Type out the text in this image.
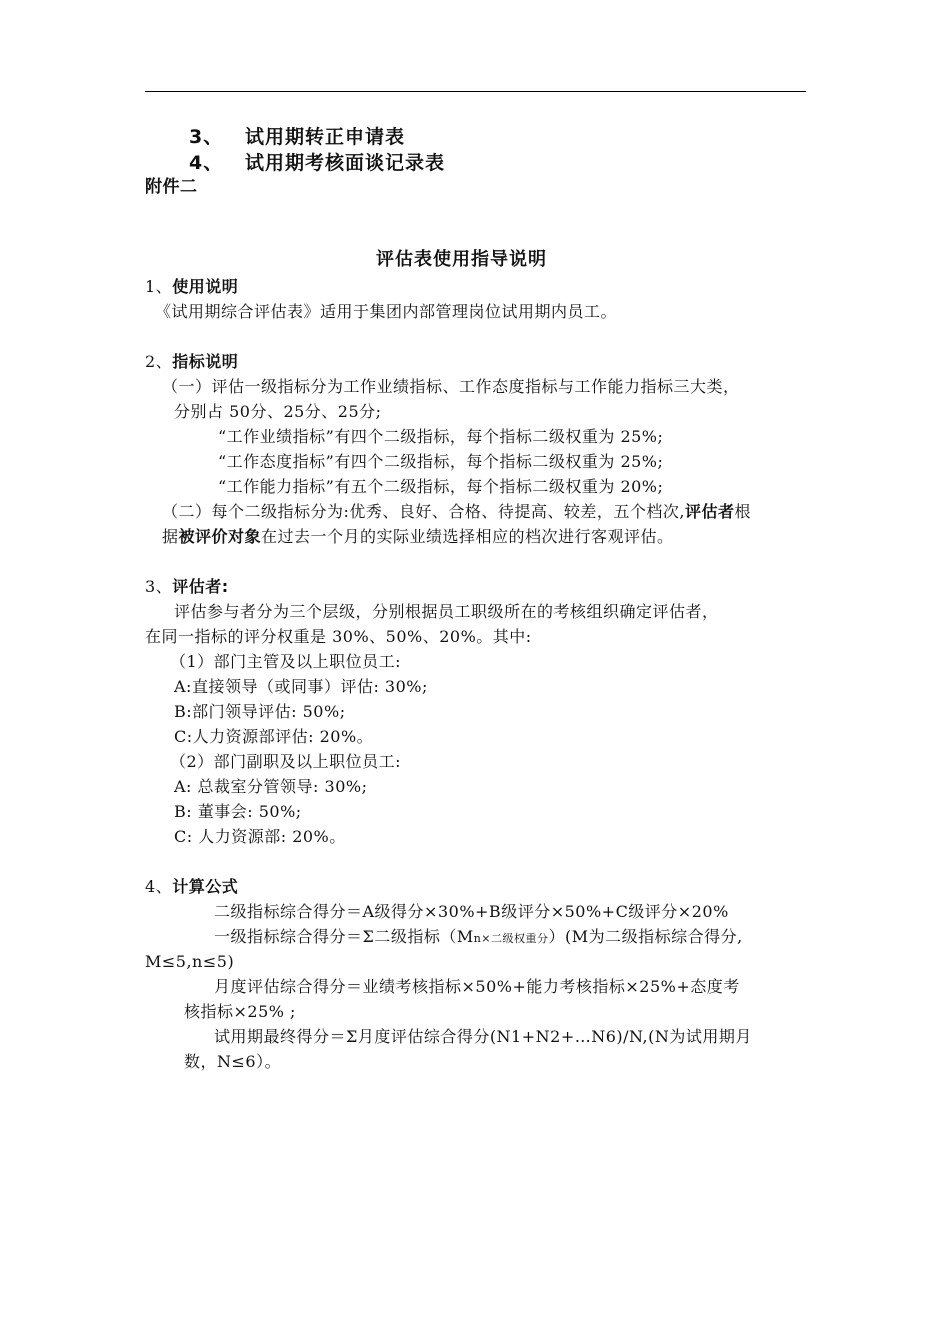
3、 试用期转正申请表
4、 试用期考核面谈记录表
附件二
评估表使用指导说明
1、使用说明
《试用期综合评估表》适用于集团内部管理岗位试用期内员工。
2、指标说明
（一）评估一级指标分为工作业绩指标、工作态度指标与工作能力指标三大类，
分别占 50分、25分、25分;
“工作业绩指标”有四个二级指标，每个指标二级权重为 25%;
“工作态度指标”有四个二级指标，每个指标二级权重为 25%;
“工作能力指标”有五个二级指标，每个指标二级权重为 20%;
（二）每个二级指标分为:优秀、良好、合格、待提高、较差，五个档次,评估者根
据被评价对象在过去一个月的实际业绩选择相应的档次进行客观评估。
3、评估者:
评估参与者分为三个层级，分别根据员工职级所在的考核组织确定评估者，
在同一指标的评分权重是 30%、50%、20%。其中:
（1）部门主管及以上职位员工:
A:直接领导（或同事）评估: 30%;
B:部门领导评估: 50%;
C:人力资源部评估: 20%。
（2）部门副职及以上职位员工:
A: 总裁室分管领导: 30%;
B: 董事会: 50%;
C: 人力资源部: 20%。
4、计算公式
二级指标综合得分＝A级得分×30%+B级评分×50%+C级评分×20%
一级指标综合得分＝Σ二级指标（Mn×二级权重分）(M为二级指标综合得分,
M≤5,n≤5)
月度评估综合得分＝业绩考核指标×50%+能力考核指标×25%+态度考
核指标×25% ;
试用期最终得分＝Σ月度评估综合得分(N1+N2+…N6)/N,(N为试用期月
数，N≤6）。
